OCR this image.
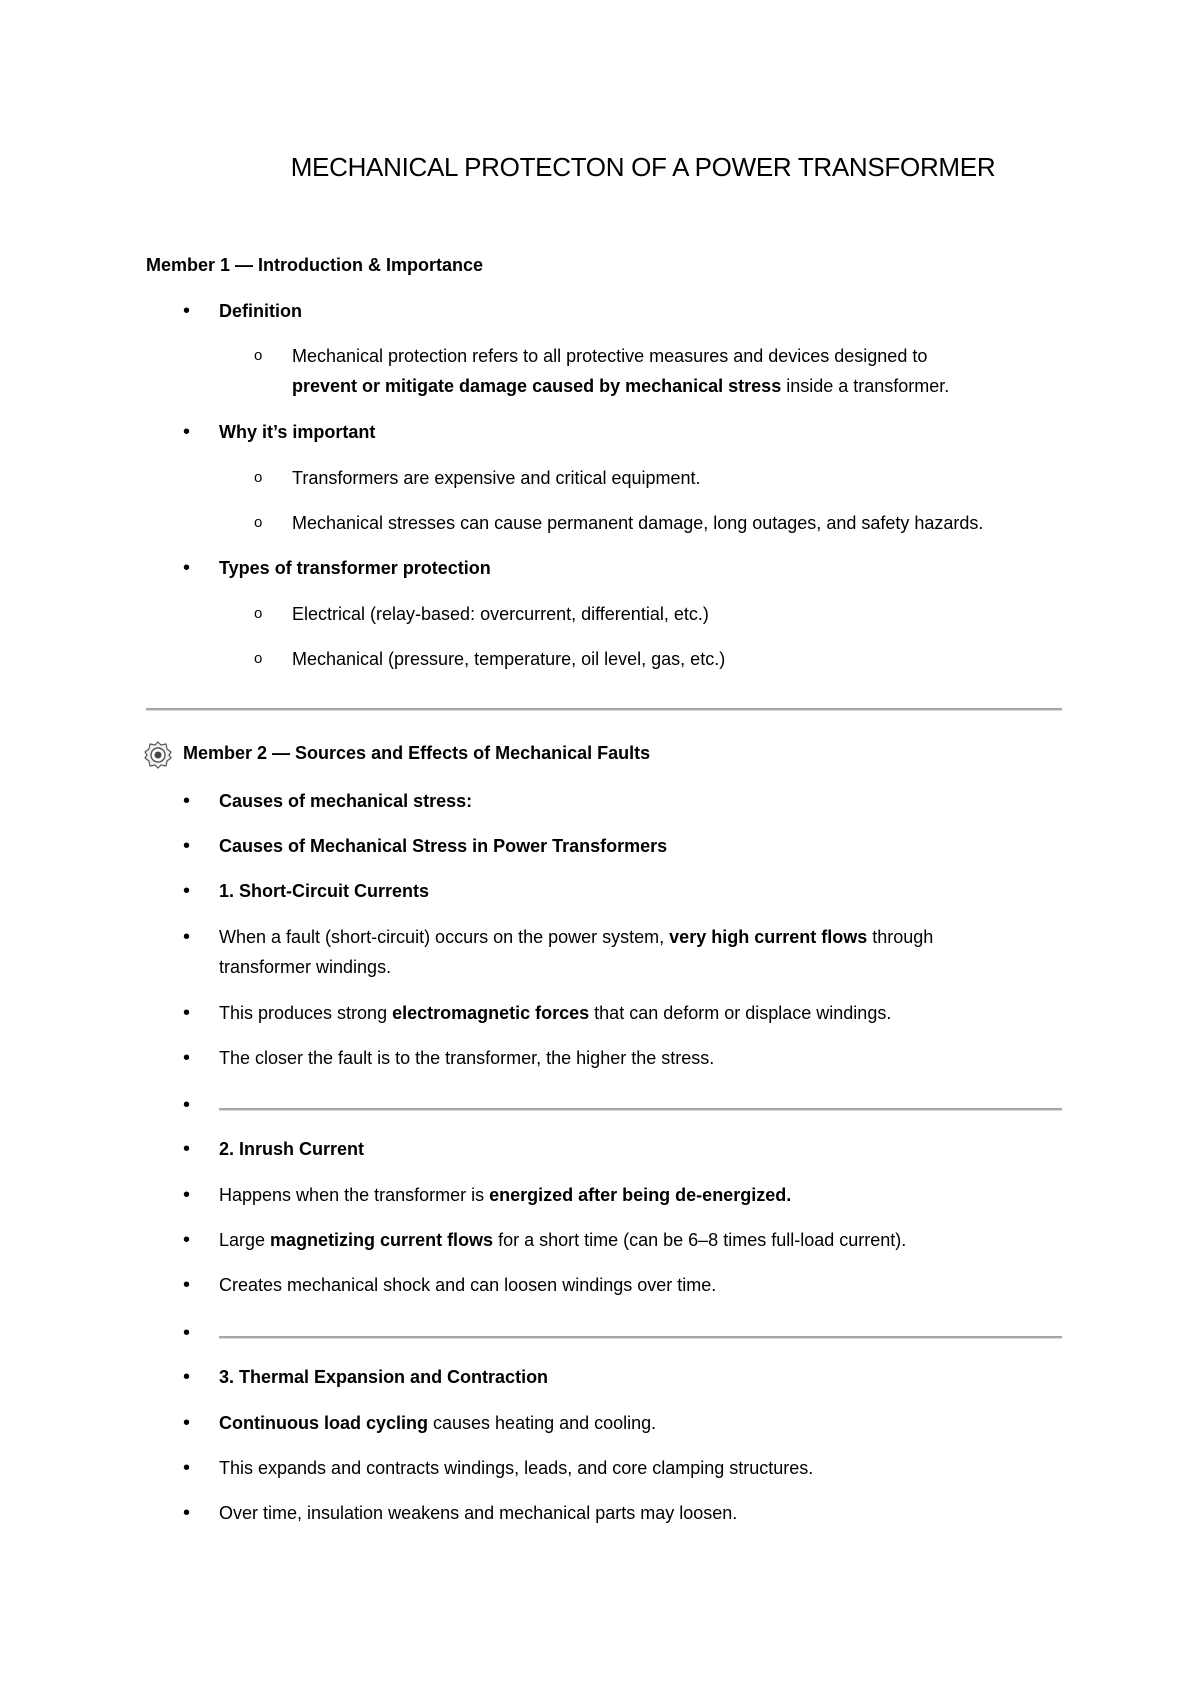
MECHANICAL PROTECTON OF A POWER TRANSFORMER
Member 1 — Introduction & Importance
• Definition
o Mechanical protection refers to all protective measures and devices designed to
prevent or mitigate damage caused by mechanical stress inside a transformer.
• Why it’s important
o Transformers are expensive and critical equipment.
o Mechanical stresses can cause permanent damage, long outages, and safety hazards.
• Types of transformer protection
o Electrical (relay-based: overcurrent, differential, etc.)
o Mechanical (pressure, temperature, oil level, gas, etc.)
Member 2 — Sources and Effects of Mechanical Faults
• Causes of mechanical stress:
• Causes of Mechanical Stress in Power Transformers
• 1. Short-Circuit Currents
• When a fault (short-circuit) occurs on the power system, very high current flows through
transformer windings.
• This produces strong electromagnetic forces that can deform or displace windings.
• The closer the fault is to the transformer, the higher the stress.
•
• 2. Inrush Current
• Happens when the transformer is energized after being de-energized.
• Large magnetizing current flows for a short time (can be 6–8 times full-load current).
• Creates mechanical shock and can loosen windings over time.
•
• 3. Thermal Expansion and Contraction
• Continuous load cycling causes heating and cooling.
• This expands and contracts windings, leads, and core clamping structures.
• Over time, insulation weakens and mechanical parts may loosen.
